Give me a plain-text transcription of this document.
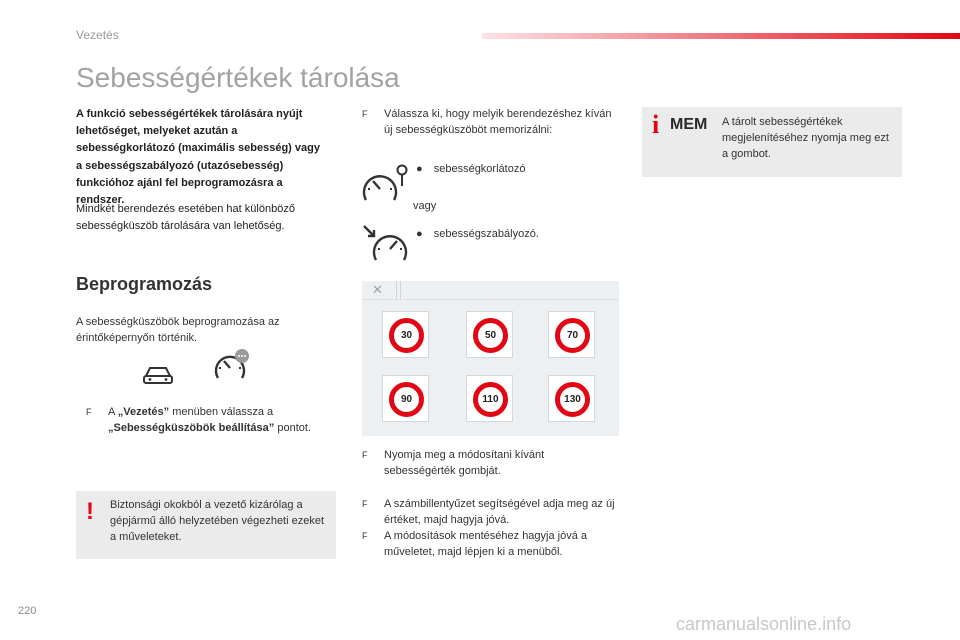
Vezetés
Sebességértékek tárolása
A funkció sebességértékek tárolására nyújt lehetőséget, melyeket azután a sebességkorlátozó (maximális sebesség) vagy a sebességszabályozó (utazósebesség) funkcióhoz ajánl fel beprogramozásra a rendszer.
Mindkét berendezés esetében hat különböző sebességküszöb tárolására van lehetőség.
Beprogramozás
A sebességküszöbök beprogramozása az érintőképernyőn történik.
F A „Vezetés” menüben válassza a
„Sebességküszöbök beállítása” pontot.
! Biztonsági okokból a vezető kizárólag a gépjármű álló helyzetében végezheti ezeket a műveleteket.
F Válassza ki, hogy melyik berendezéshez kíván új sebességküszöböt memorizálni:
● sebességkorlátozó
vagy
● sebességszabályozó.
✕
30	50	70
90	110	130
F Nyomja meg a módosítani kívánt sebességérték gombját.
F A számbillentyűzet segítségével adja meg az új értéket, majd hagyja jóvá.
F A módosítások mentéséhez hagyja jóvá a műveletet, majd lépjen ki a menüből.
i MEM A tárolt sebességértékek megjelenítéséhez nyomja meg ezt a gombot.
220
carmanualsonline.info
